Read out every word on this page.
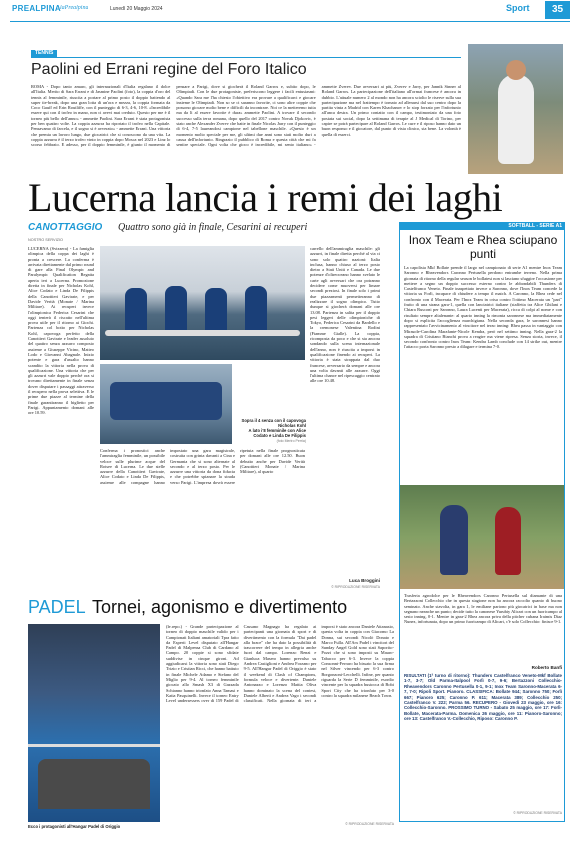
PREALPINA laPrealpina	Lunedì 20 Maggio 2024	Sport	35
TENNIS
Paolini ed Errani regine del Foro Italico
ROMA - Dopo tanto amaro, gli internazionali d'Italia regalano il dolce all'Italia. Merito di Sara Errani e di Jasmine Paolini (foto), la coppia d'oro del tennis al femminile, riuscita a portare al primo posto il doppio battendo al super tie-break, dopo una gran lotta di un'ora e mezza, la coppia formata da Coco Gauff ed Erin Routliffe, con il punteggio di 6-3, 4-6, 10-8. «Incredibile essere qui con il trofeo in mano, non ci avevi mai creduto. Questo per me è il torneo più bello dell'anno» - ammette Paolini. Sara Errani è stata protagonista per ben quattro volte. La coppia azzurra ha riportato il trofeo nella Capitale. Pensavamo di farcela, e il sogno si è avverato» - ammette Errani. Una vittoria che premia un lavoro lungo, due giocatrici che si conoscono da una vita. La coppia azzurra è il terzo trofeo vinto in coppia dopo Mosca nel 2023 e Linz lo scorso febbraio. E adesso, per il doppio femminile, è giunto il momento di pensare a Parigi, dove si giocherà il Roland Garros e, subito dopo, le Olimpiadi. Con le due protagoniste, preferiscono leggere i facili entusiasmi: «Quando Sara me l'ha chiesto l'obiettivo era provare a qualificarci e giocare insieme le Olimpiadi. Non so se ci saranno favorite, ci sono altre coppie che possono giocare molto bene e difficili da incontrare. Noi ce la metteremo tutta ma da lì al essere favorite è dura» ammette Paolini. A trovare il secondo successo sulla terra romana, dopo quello del 2017 contro Novak Djokovic, è stato anche Alexander Zverev che batte in finale Nicolas Jarry con il punteggio di 6-4, 7-5 laureandosi campione nel tabellone maschile. «Questo è un momento molto speciale per me, gli ultimi due anni sono stati molto duri a causa dell'infortunio. Ringrazio il pubblico di Roma e questa città che mi fa sentire speciale. Ogni volta che gioco è incredibile, mi sento italiano» - ammette Zverev. Due avversari ai più, Zverev e Jarry, per Jannik Sinner al Roland Garros. La partecipazione dell'italiano all'ormai francese è ancora in dubbio. L'attuale numero 2 al mondo non ha ancora sciolto le riserve sulla sua partecipazione ma nel frattempo è tornato ad allenarsi dal suo centro dopo la partita vinta a Madrid con Karen Khachanov e lo stop forzato per l'infortunio all'anca destra. Un primo contatto con il campo, testimoniato da una foto postata sui social, dopo la settimana di terapie al J Medical di Torino, per capire se potrà partecipare al Roland Garros. Le cure e il riposo hanno dato un buon responso e il giocatore, dal punto di vista clinico, sta bene. La volontà è quella di esserci.
Lucerna lancia i remi dei laghi
CANOTTAGGIO Quattro sono già in finale, Cesarini ai recuperi
NOSTRO SERVIZIO
LUCERNA (Svizzera) - La famiglia olimpica della coppa dei laghi è pronta a crescere. La conferma è arrivata direttamente dal primo round di gare alla Final Olympic and Paralympic Qualification Regatta aperta ieri a Lucerna. Promozione diretta in finale per Nicholas Kohl, Alice Codato e Linda De Filippis della Canottieri Gavirate, e per Davide Verità (Monate / Marina Militare). Ai recuperi invece l'olimpionica Federica Cesarini che oggi tenterà il riscatto nell'ultima prova utile per il ritorno ai Giochi. Partenza col botto per Nicholas Kohl, capovoga perfetto della Canottieri Gavirate e leader assoluto del quattro senza azzurro composto assieme a Giuseppe Vicino, Matteo Lodo e Giovanni Abagnale. Inizio potente e gara d'assalto hanno scandito la vittoria nella prova di qualificazione. Una vittoria che per gli azzurri vale doppio perché ora si trovano direttamente in finale senza dover disputare i passaggi attraverso il recupero nella prova selettiva. E le prime due piazze al termine della finale garantiranno il biglietto per Parigi. Appuntamento domani alle ore 10.59.
Sopra il 4 senza con il capovoga Nicholas Kohl
A lato i'8 femminile con Alice Codato e Linda De Filippis
(foto Meriro Perria)
Conferma i pronostici anche l'ammiraglia femminile, un possibile veloce sulle plurime acque del Rotsee di Lucerna. Le due stelle azzurre della Canottieri Gavirate, Alice Codato e Linda De Filippis, assieme alle compagne hanno impostato una gara magistrale, costruita con grinta davanti a Cina e Germania che si sono alternate al secondo e al terzo posto. Per le azzurre una vittoria da dona fiducia e che potrebbe spianare la strada verso Parigi. L'impresa dovrà essere ripetuta nella finale prognosticata per domani alle ore 12.50. Buon debutto anche per Davide Verità (Canottieri Monate / Marina Militare), al quarto
carrello dell'ammiraglia maschile: gli azzurri, in finale diretta perché al via ci sono solo quattro nazioni: Italia inclusa, hanno chiuso al terzo posto dietro a Stati Uniti e Canada. Le due potenze d'oltreoceano hanno svelato le carte agli avversari che ora potranno decidere come muoversi per limare secondi preziosi. In finale solo i primi due piazzamenti permetteranno di realizzare il sogno olimpico. Tutto dunque si giocherà domani alle ore 13.08. Partenza in salita per il doppio pesi leggeri delle olimpioniche di Tokyo, Federica Cesarini da Bardello e la cremonese Valentina Rodini (Fiamme Gialle). La coppia, ricomposta da poco e che si sta ancora sondando sulla scena internazionale dell'anno, non è riuscita a imporsi in qualificazione finendo ai recuperi. La vittoria è stata strappata dal duo francese, avversario da sempre e ancora una volta davanti alle azzurre. Oggi l'ultima chance nel ripescaggio centrato alle ore 10.48.
Luca Broggini
© RIPRODUZIONE RISERVATA
SOFTBALL - SERIE A1
Inox Team e Rhea sciupano punti
La capolista Mkf Bollate prende il largo nel campionato di serie A1 mentre Inox Team Saronno e Rheavendors Caronno Pertusella perdono entrambe terreno. Nella prima giornata di ritorno della regular season le bollatesi non si lasciano sfuggire l'occasione per mettere a segno un doppio successo esterno contro le abbondabili Thunders di Castelfranco Veneto. Finale inaspettato invece a Saronno, dove l'Inox Team concede la vittoria su Forlì, incapace di chiudere a tempo il match. A Caronno, la Rhea cede nel confronto con il Macerata. Per l'Inox Team in crisa contro l'ottimo Macerata un "pari" frutto di una strana gara-1, quella con lanciatrici italiane (staffetta tra Alice Ghilani e Chiara Rusconi per Saronno, Laura Lucenti per Macerata), ricca di colpi al nome e con risultato sempre altalenante: al quarto inning la rimonta saronnese ma immediatamente dopo si esplicita l'accoglienza marchigiana. Nella seconda gara, le saronnesi hanno rappresentato l'avvicinamento al vincitore nel terzo inning: Rhea passa in vantaggio con Mirasole-Carolina Marafante-Nicole Kendra, però nel settimo inning. Nella gara-2 la squadra di Cristiano Bianchi prova a reagire ma viene ripresa. Senza storia, invece, il secondo confronto contro Inox Team: Kendra Lamb conclude con 14 strike out, mentre l'attacco porta Saronno presto a dilagare e termina 7-0.
Trasferta agrodolce per le Rheavendors Caronno Pertusella sul diamante di una Bertazzoni Collecchio che in questa stagione non ha ancora raccolto quanto di buono seminato. Anche stavolta, in gara 1, le emiliane partono più giocatrici in base ma non segnano neanche un punto; decide tutto la canonese Yurubiy Alicart con un fuoricampo al sesto inning, 0-1. Mentre in gara-2 Rhea ancora priva della pitcher cubana Iraimis Diaz Nunez, infortunata, dopo un primo fuoricampo di Alicart, c'è solo Collecchio: finisce 9-1.
Roberto Banfi
RISULTATI (1ª turno di ritorno): Thunders Castelfranco Veneto-Mkf Bollate 1-7, 3-7; Old Parma-Italpool Forlì 0-7, 9-6; Bertazzoni Collecchio-Rheavendors Caronno Pertusella 0-1, 9-1; Inox Team Saronno-Macerata 6-7, 7-0; Ripoli Sport. Pianoro. CLASSIFICA: Bollate 944; Saronno 750; Forlì 667; Pianoro 625; Caronno P. 611; Macerata 389; Collecchio 250; Castelfranco V. 222; Parma 56. RECUPERO - Giovedì 23 maggio, ore 16: Collecchio-Saronno. PROSSIMO TURNO - Sabato 25 maggio, ore 17: Forlì-Bollate, Macerata-Parma. Domenica 26 maggio, ore 11: Pianoro-Saronno; ore 13: Castelfranco V.-Collecchio, Riposo: Caronno P.
© RIPRODUZIONE RISERVATA
PADEL Tornei, agonismo e divertimento
Ecco i protagonisti all'Hangar Padel di Origgio
(le.repo.) - Grande partecipazione al torneo di doppio maschile valido per i Campionati Italiani amatoriali Tpra fatto da Esperti Level disputato all'Hangar Padel di Malpensa Club di Cardano al Campo. 20 coppie si sono sfidate suddivise in cinque gironi. Ad aggiudicarsi la vittoria sono stati Diego Trizio e Cristian Ricci, che hanno battuto in finale Michele Adamo e Stefano del Miglio per 9-4. Al torneo femminile giocato allo Smash X3 di Gazzada Schianno hanno trionfato Anna Tamasi e Katia Pasquinelli. Invece il torneo Entry Level undersessers over di 159 Padel di Cassano Magnago ha regalato ai partecipanti una giornata di sport e di divertimento con la formula "Dai padel alla brace" che ha dato la possibilità di trascorrere del tempo in allegria anche fuori dal campo. Lorenzo Renzi e Gianluca Masero hanno prevalso su Andrea Castiglioni e Andrea Forzano per 9-5. All'Hangar Padel di Origgio è stato il weekend di Clash of Champions, formula veloce e divertente. Daniele Antonazzo e Lorenzo Mattia Oliva hanno dominato la scena del contest, Daniele Alberti e Andrea Vago i secondi classificati. Nella giornata di ieri a imporsi è stato ancora Daniele Attanasio, questa volta in coppia con Giacomo La Donna, sui secondi Nicolò Donato e Marco Fulla. All'Arx Padel i vincitori del Sunday Angel Gold sono stati Saporito-Pozzi che si sono imposti su Mauro-Tabacco per 6-3. Invece la coppia Consonni-Ferraro ha bissato la sua firma nel Silver vincendo per 6-3 contro Borgonzoni-Lecchelli. Infine, per quanto riguarda la Serie D femminile, esordio vincente per la squadra bustocca di Bobi Sport City che ha trionfato per 3-0 contro la squadra milanese Beach Town.
© RIPRODUZIONE RISERVATA
